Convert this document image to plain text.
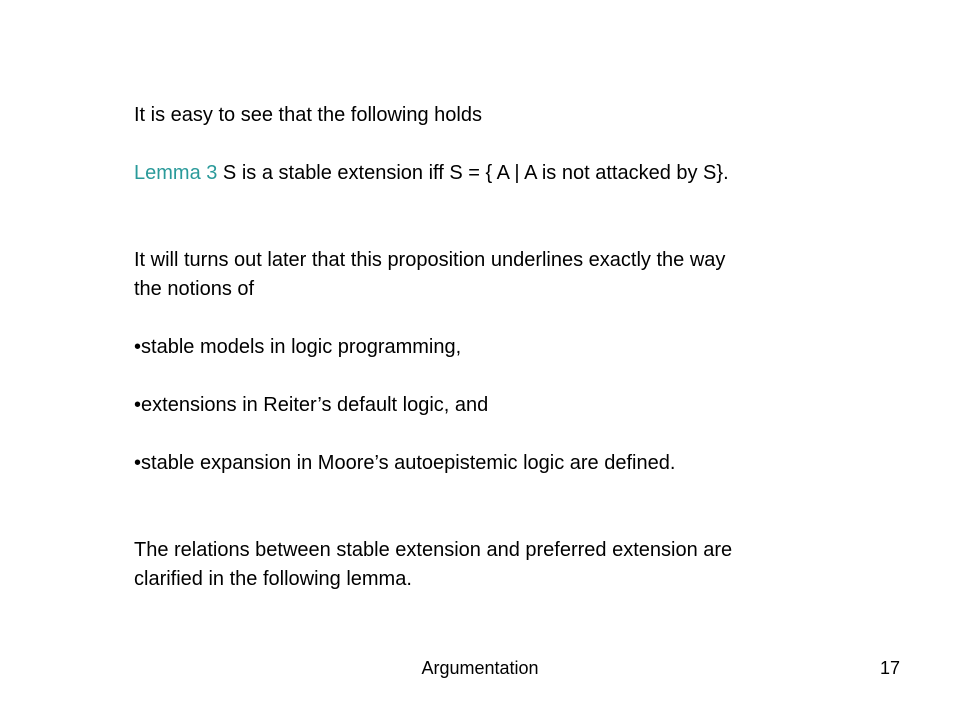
It is easy to see that the following holds

Lemma 3 S is a stable extension iff S = { A | A is not attacked by S}.

It will turns out later that this proposition underlines exactly the way

the notions of

•stable models in logic programming,

•extensions in Reiter’s default logic, and

•stable expansion in Moore’s autoepistemic logic are defined.

The relations between stable extension and preferred extension are

clarified in the following lemma.

Argumentation	17
